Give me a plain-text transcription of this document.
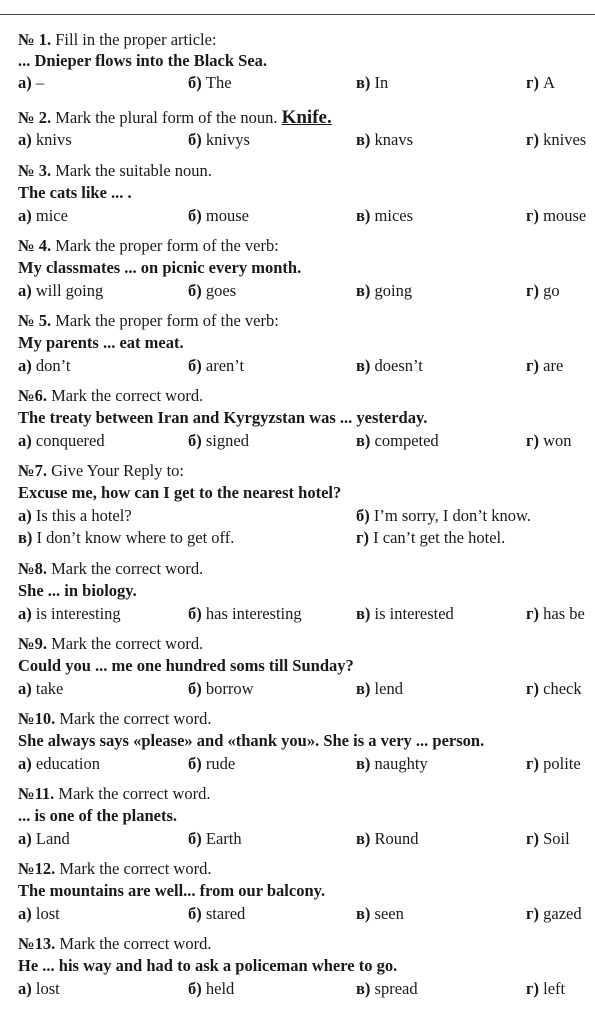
№ 1. Fill in the proper article:
... Dnieper flows into the Black Sea.
а) –	б) The	в) In	г) A
№ 2. Mark the plural form of the noun. Knife.
а) knivs	б) knivys	в) knavs	г) knives
№ 3. Mark the suitable noun.
The cats like ... .
а) mice	б) mouse	в) mices	г) mouse
№ 4. Mark the proper form of the verb:
My classmates ... on picnic every month.
а) will going	б) goes	в) going	г) go
№ 5. Mark the proper form of the verb:
My parents ... eat meat.
а) don’t	б) aren’t	в) doesn’t	г) are
№6. Mark the correct word.
The treaty between Iran and Kyrgyzstan was ... yesterday.
а) conquered	б) signed	в) competed	г) won
№7. Give Your Reply to:
Excuse me, how can I get to the nearest hotel?
а) Is this a hotel?	б) I’m sorry, I don’t know.
в) I don’t know where to get off.	г) I can’t get the hotel.
№8. Mark the correct word.
She ... in biology.
а) is interesting	б) has interesting	в) is interested	г) has be
№9. Mark the correct word.
Could you ... me one hundred soms till Sunday?
а) take	б) borrow	в) lend	г) check
№10. Mark the correct word.
She always says «please» and «thank you». She is a very ... person.
а) education	б) rude	в) naughty	г) polite
№11. Mark the correct word.
... is one of the planets.
а) Land	б) Earth	в) Round	г) Soil
№12. Mark the correct word.
The mountains are well... from our balcony.
а) lost	б) stared	в) seen	г) gazed
№13. Mark the correct word.
He ... his way and had to ask a policeman where to go.
а) lost	б) held	в) spread	г) left
